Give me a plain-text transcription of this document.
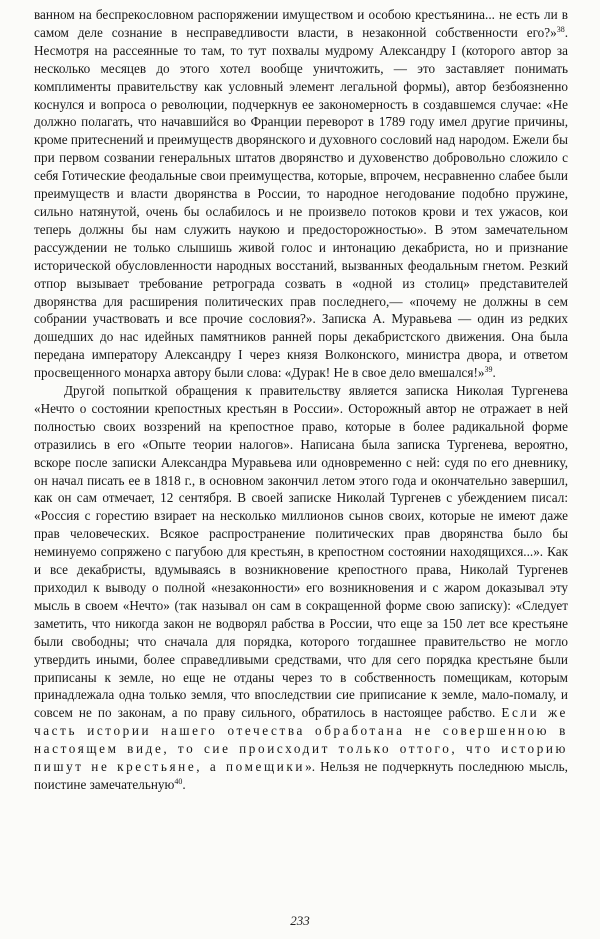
ванном на беспрекословном распоряжении имуществом и особою крестьянина... не есть ли в самом деле сознание в несправедливости власти, в незаконной собственности его?»$^{38}$. Несмотря на рассеянные то там, то тут похвалы мудрому Александру I (которого автор за несколько месяцев до этого хотел вообще уничтожить, — это заставляет понимать комплименты правительству как условный элемент легальной формы), автор безбоязненно коснулся и вопроса о революции, подчеркнув ее закономерность в создавшемся случае: «Не должно полагать, что начавшийся во Франции переворот в 1789 году имел другие причины, кроме притеснений и преимуществ дворянского и духовного сословий над народом. Ежели бы при первом созвании генеральных штатов дворянство и духовенство добровольно сложило с себя Готические феодальные свои преимущества, которые, впрочем, несравненно слабее были преимуществ и власти дворянства в России, то народное негодование подобно пружине, сильно натянутой, очень бы ослабилось и не произвело потоков крови и тех ужасов, кои теперь должны бы нам служить наукою и предосторожностью». В этом замечательном рассуждении не только слышишь живой голос и интонацию декабриста, но и признание исторической обусловленности народных восстаний, вызванных феодальным гнетом. Резкий отпор вызывает требование ретрограда созвать в «одной из столиц» представителей дворянства для расширения политических прав последнего,— «почему не должны в сем собрании участвовать и все прочие сословия?». Записка А. Муравьева — один из редких дошедших до нас идейных памятников ранней поры декабристского движения. Она была передана императору Александру I через князя Волконского, министра двора, и ответом просвещенного монарха автору были слова: «Дурак! Не в свое дело вмешался!»$^{39}$.

Другой попыткой обращения к правительству является записка Николая Тургенева «Нечто о состоянии крепостных крестьян в России». Осторожный автор не отражает в ней полностью своих воззрений на крепостное право, которые в более радикальной форме отразились в его «Опыте теории налогов». Написана была записка Тургенева, вероятно, вскоре после записки Александра Муравьева или одновременно с ней: судя по его дневнику, он начал писать ее в 1818 г., в основном закончил летом этого года и окончательно завершил, как он сам отмечает, 12 сентября. В своей записке Николай Тургенев с убеждением писал: «Россия с горестию взирает на несколько миллионов сынов своих, которые не имеют даже прав человеческих. Всякое распространение политических прав дворянства было бы неминуемо сопряжено с пагубою для крестьян, в крепостном состоянии находящихся...». Как и все декабристы, вдумываясь в возникновение крепостного права, Николай Тургенев приходил к выводу о полной «незаконности» его возникновения и с жаром доказывал эту мысль в своем «Нечто» (так называл он сам в сокращенной форме свою записку): «Следует заметить, что никогда закон не водворял рабства в России, что еще за 150 лет все крестьяне были свободны; что сначала для порядка, которого тогдашнее правительство не могло утвердить иными, более справедливыми средствами, что для сего порядка крестьяне были приписаны к земле, но еще не отданы через то в собственность помещикам, которым принадлежала одна только земля, что впоследствии сие приписание к земле, мало-помалу, и совсем не по законам, а по праву сильного, обратилось в настоящее рабство. Если же часть истории нашего отечества обработана не совершенною в настоящем виде, то сие происходит только оттого, что историю пишут не крестьяне, а помещики». Нельзя не подчеркнуть последнюю мысль, поистине замечательную$^{40}$.

233
